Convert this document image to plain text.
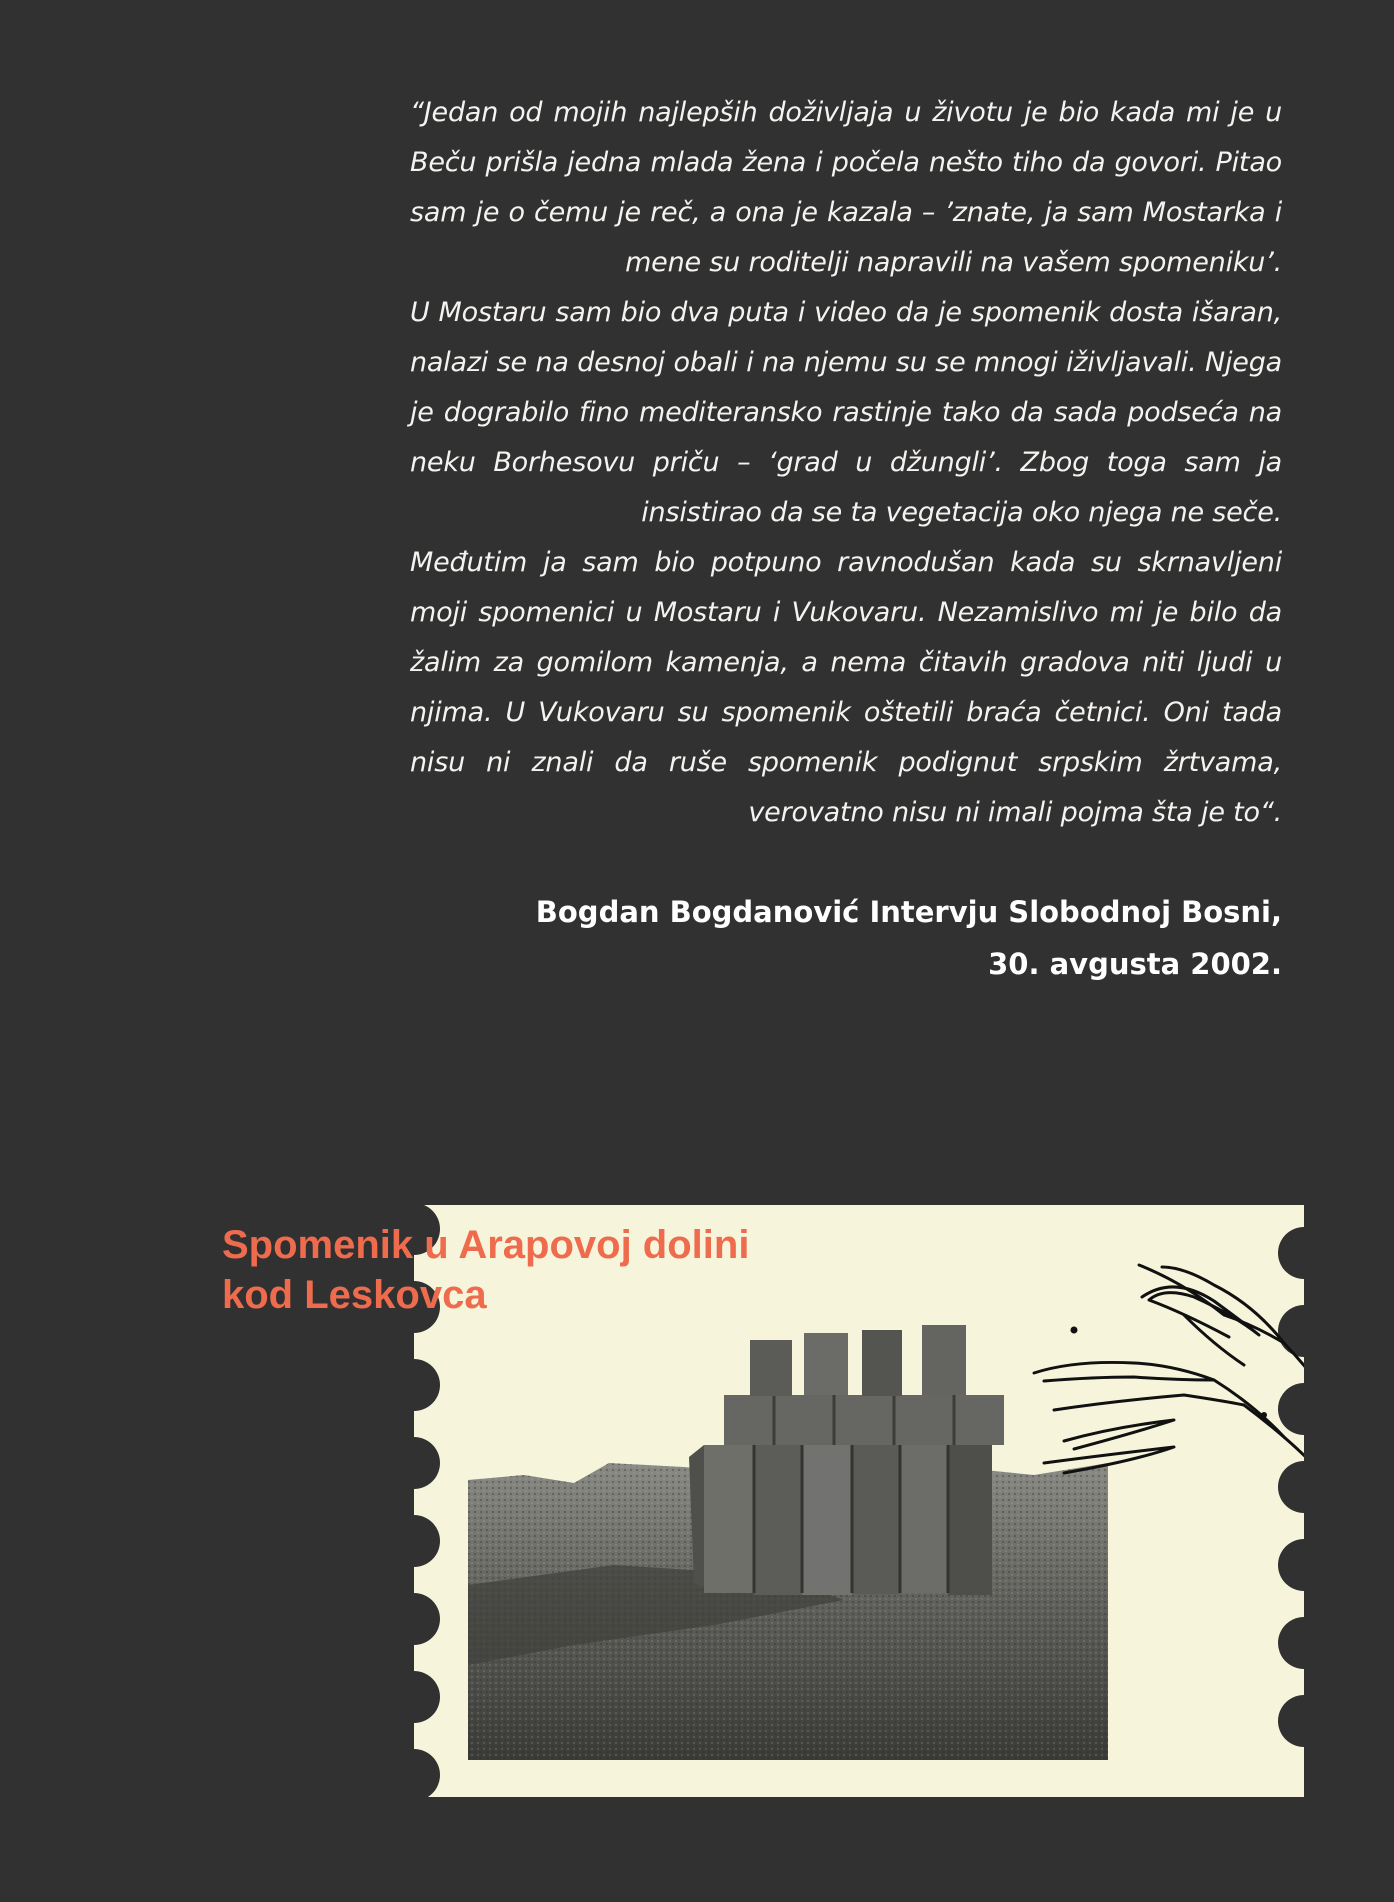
“Jedan od mojih najlepših doživljaja u životu je bio kada mi je u Beču prišla jedna mlada žena i počela nešto tiho da govori. Pitao sam je o čemu je reč, a ona je kazala – ’znate, ja sam Mostarka i mene su roditelji napravili na vašem spomeniku’.

U Mostaru sam bio dva puta i video da je spomenik dosta išaran, nalazi se na desnoj obali i na njemu su se mnogi iživljavali. Njega je dograbilo fino mediteransko rastinje tako da sada podseća na neku Borhesovu priču – ‘grad u džungli’. Zbog toga sam ja insistirao da se ta vegetacija oko njega ne seče.

Međutim ja sam bio potpuno ravnodušan kada su skrnavljeni moji spomenici u Mostaru i Vukovaru. Nezamislivo mi je bilo da žalim za gomilom kamenja, a nema čitavih gradova niti ljudi u njima. U Vukovaru su spomenik oštetili braća četnici. Oni tada nisu ni znali da ruše spomenik podignut srpskim žrtvama, verovatno nisu ni imali pojma šta je to“.

Bogdan Bogdanović Intervju Slobodnoj Bosni,
30. avgusta 2002.
Spomenik u Arapovoj dolini
kod Leskovca
